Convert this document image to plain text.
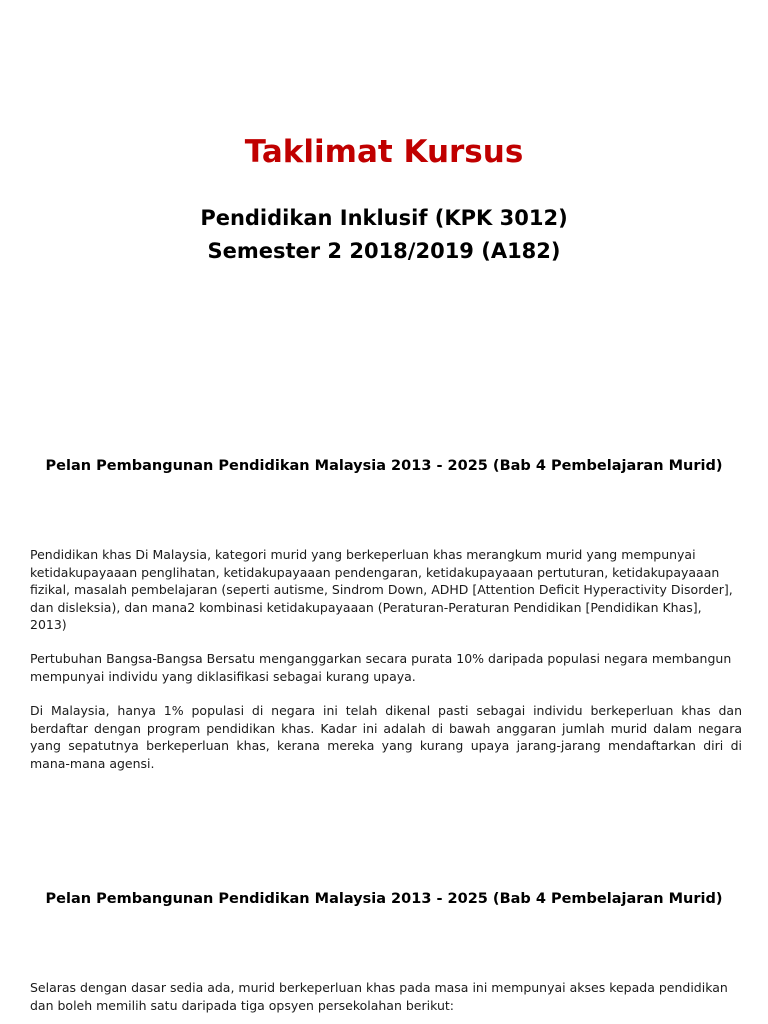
Taklimat Kursus
Pendidikan Inklusif (KPK 3012)
Semester 2 2018/2019 (A182)
Pelan Pembangunan Pendidikan Malaysia 2013 - 2025 (Bab 4 Pembelajaran Murid)

Pendidikan khas Di Malaysia, kategori murid yang berkeperluan khas merangkum murid yang mempunyai ketidakupayaaan penglihatan, ketidakupayaaan pendengaran, ketidakupayaaan pertuturan, ketidakupayaaan fizikal, masalah pembelajaran (seperti autisme, Sindrom Down, ADHD [Attention Deficit Hyperactivity Disorder], dan disleksia), dan mana2 kombinasi ketidakupayaaan (Peraturan-Peraturan Pendidikan [Pendidikan Khas], 2013)

Pertubuhan Bangsa-Bangsa Bersatu menganggarkan secara purata 10% daripada populasi negara membangun mempunyai individu yang diklasifikasi sebagai kurang upaya.

Di Malaysia, hanya 1% populasi di negara ini telah dikenal pasti sebagai individu berkeperluan khas dan berdaftar dengan program pendidikan khas. Kadar ini adalah di bawah anggaran jumlah murid dalam negara yang sepatutnya berkeperluan khas, kerana mereka yang kurang upaya jarang-jarang mendaftarkan diri di mana-mana agensi.

Pelan Pembangunan Pendidikan Malaysia 2013 - 2025 (Bab 4 Pembelajaran Murid)

Selaras dengan dasar sedia ada, murid berkeperluan khas pada masa ini mempunyai akses kepada pendidikan dan boleh memilih satu daripada tiga opsyen persekolahan berikut:
